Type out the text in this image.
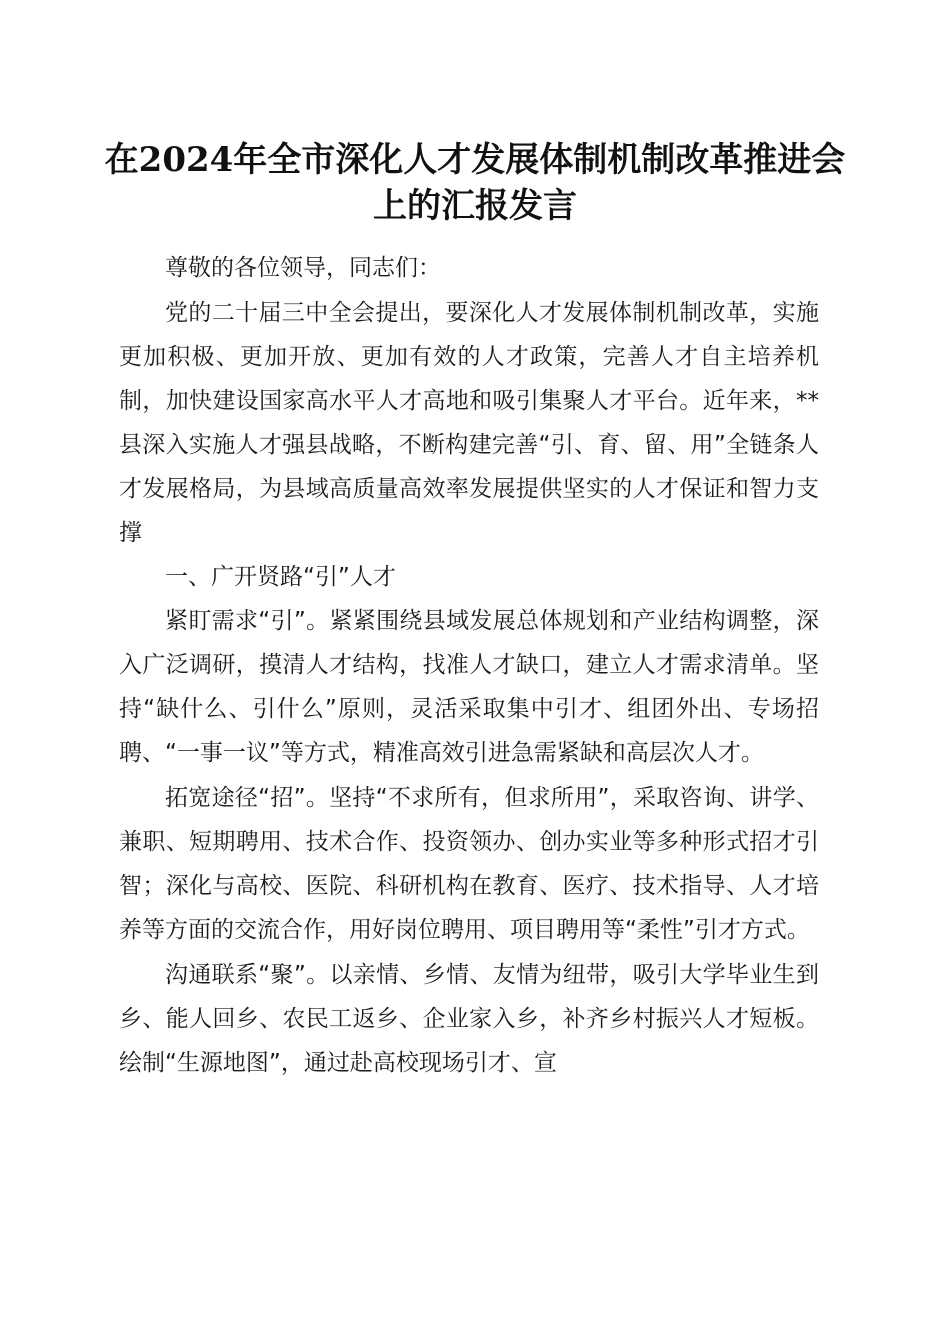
在2024年全市深化人才发展体制机制改革推进会上的汇报发言

尊敬的各位领导，同志们：

党的二十届三中全会提出，要深化人才发展体制机制改革，实施更加积极、更加开放、更加有效的人才政策，完善人才自主培养机制，加快建设国家高水平人才高地和吸引集聚人才平台。近年来，**县深入实施人才强县战略，不断构建完善“引、育、留、用”全链条人才发展格局，为县域高质量高效率发展提供坚实的人才保证和智力支撑

一、广开贤路“引”人才

紧盯需求“引”。紧紧围绕县域发展总体规划和产业结构调整，深入广泛调研，摸清人才结构，找准人才缺口，建立人才需求清单。坚持“缺什么、引什么”原则，灵活采取集中引才、组团外出、专场招聘、“一事一议”等方式，精准高效引进急需紧缺和高层次人才。

拓宽途径“招”。坚持“不求所有，但求所用”，采取咨询、讲学、兼职、短期聘用、技术合作、投资领办、创办实业等多种形式招才引智；深化与高校、医院、科研机构在教育、医疗、技术指导、人才培养等方面的交流合作，用好岗位聘用、项目聘用等“柔性”引才方式。

沟通联系“聚”。以亲情、乡情、友情为纽带，吸引大学毕业生到乡、能人回乡、农民工返乡、企业家入乡，补齐乡村振兴人才短板。绘制“生源地图”，通过赴高校现场引才、宣
